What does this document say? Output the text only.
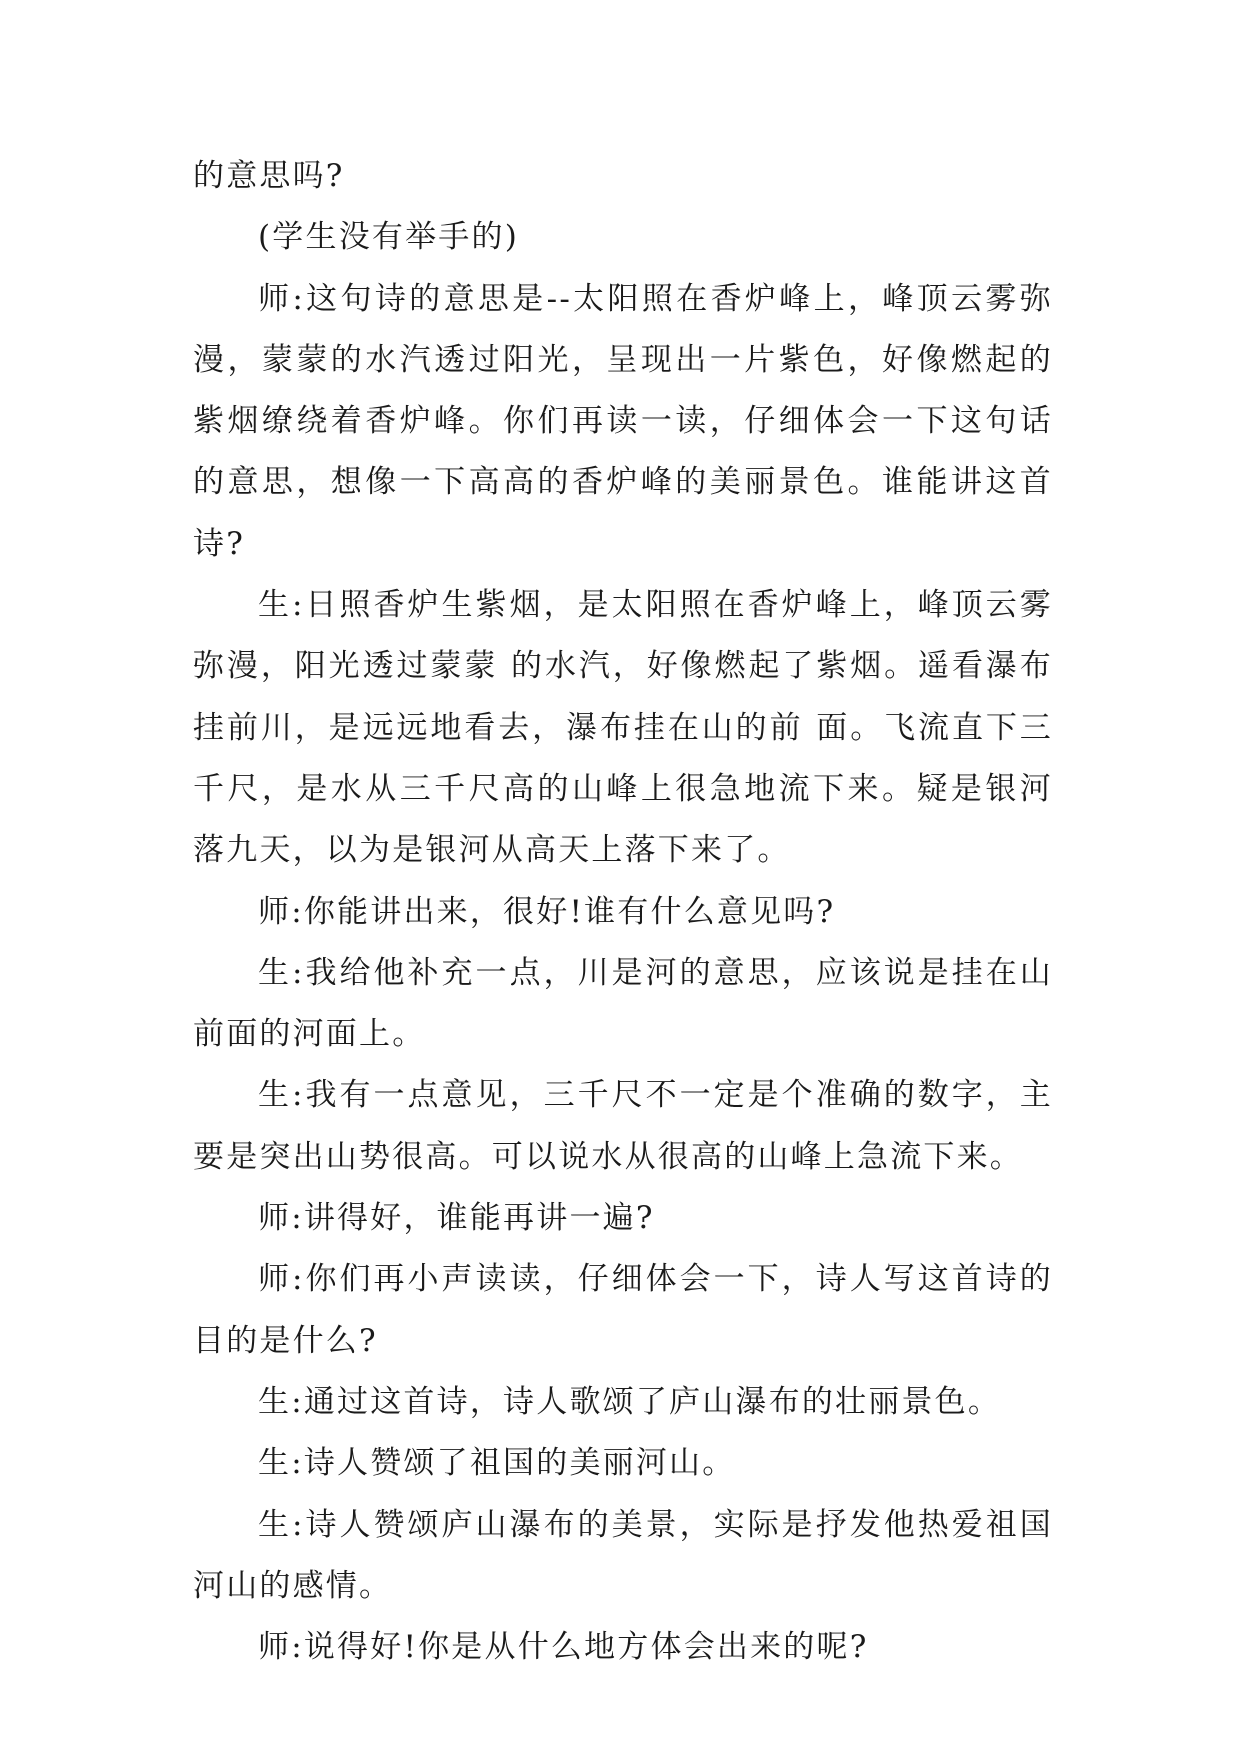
的意思吗?

(学生没有举手的)

师:这句诗的意思是--太阳照在香炉峰上，峰顶云雾弥漫，蒙蒙的水汽透过阳光，呈现出一片紫色，好像燃起的紫烟缭绕着香炉峰。你们再读一读，仔细体会一下这句话的意思，想像一下高高的香炉峰的美丽景色。谁能讲这首诗?

生:日照香炉生紫烟，是太阳照在香炉峰上，峰顶云雾弥漫，阳光透过蒙蒙 的水汽，好像燃起了紫烟。遥看瀑布挂前川，是远远地看去，瀑布挂在山的前 面。飞流直下三千尺，是水从三千尺高的山峰上很急地流下来。疑是银河落九天，以为是银河从高天上落下来了。

师:你能讲出来，很好!谁有什么意见吗?

生:我给他补充一点，川是河的意思，应该说是挂在山前面的河面上。

生:我有一点意见，三千尺不一定是个准确的数字，主要是突出山势很高。可以说水从很高的山峰上急流下来。

师:讲得好，谁能再讲一遍?

师:你们再小声读读，仔细体会一下，诗人写这首诗的目的是什么?

生:通过这首诗，诗人歌颂了庐山瀑布的壮丽景色。

生:诗人赞颂了祖国的美丽河山。

生:诗人赞颂庐山瀑布的美景，实际是抒发他热爱祖国河山的感情。

师:说得好!你是从什么地方体会出来的呢?
